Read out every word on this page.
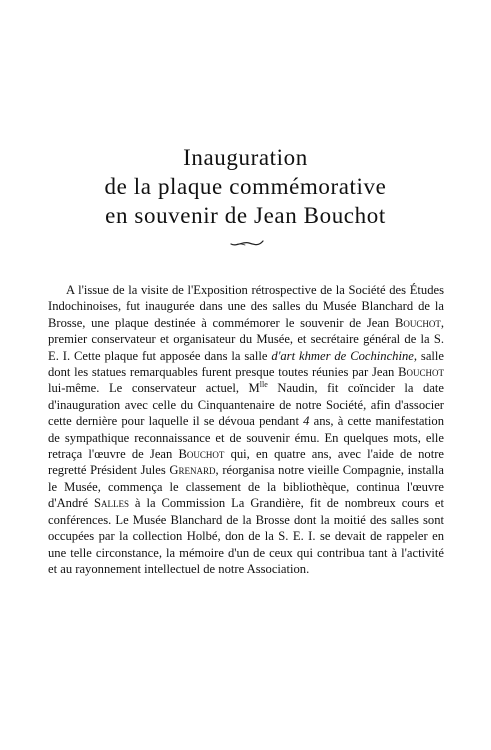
Inauguration
de la plaque commémorative
en souvenir de Jean Bouchot

A l'issue de la visite de l'Exposition rétrospective de la Société des Études Indochinoises, fut inaugurée dans une des salles du Musée Blanchard de la Brosse, une plaque destinée à commémorer le souvenir de Jean Bouchot, premier conservateur et organisateur du Musée, et secrétaire général de la S. E. I. Cette plaque fut apposée dans la salle d'art khmer de Cochinchine, salle dont les statues remarquables furent presque toutes réunies par Jean Bouchot lui-même. Le conservateur actuel, $M^{lle}$ Naudin, fit coïncider la date d'inauguration avec celle du Cinquantenaire de notre Société, afin d'associer cette dernière pour laquelle il se dévoua pendant 4 ans, à cette manifestation de sympathique reconnaissance et de souvenir ému. En quelques mots, elle retraça l'œuvre de Jean Bouchot qui, en quatre ans, avec l'aide de notre regretté Président Jules Grenard, réorganisa notre vieille Compagnie, installa le Musée, commença le classement de la bibliothèque, continua l'œuvre d'André Salles à la Commission La Grandière, fit de nombreux cours et conférences. Le Musée Blanchard de la Brosse dont la moitié des salles sont occupées par la collection Holbé, don de la S. E. I. se devait de rappeler en une telle circonstance, la mémoire d'un de ceux qui contribua tant à l'activité et au rayonnement intellectuel de notre Association.
